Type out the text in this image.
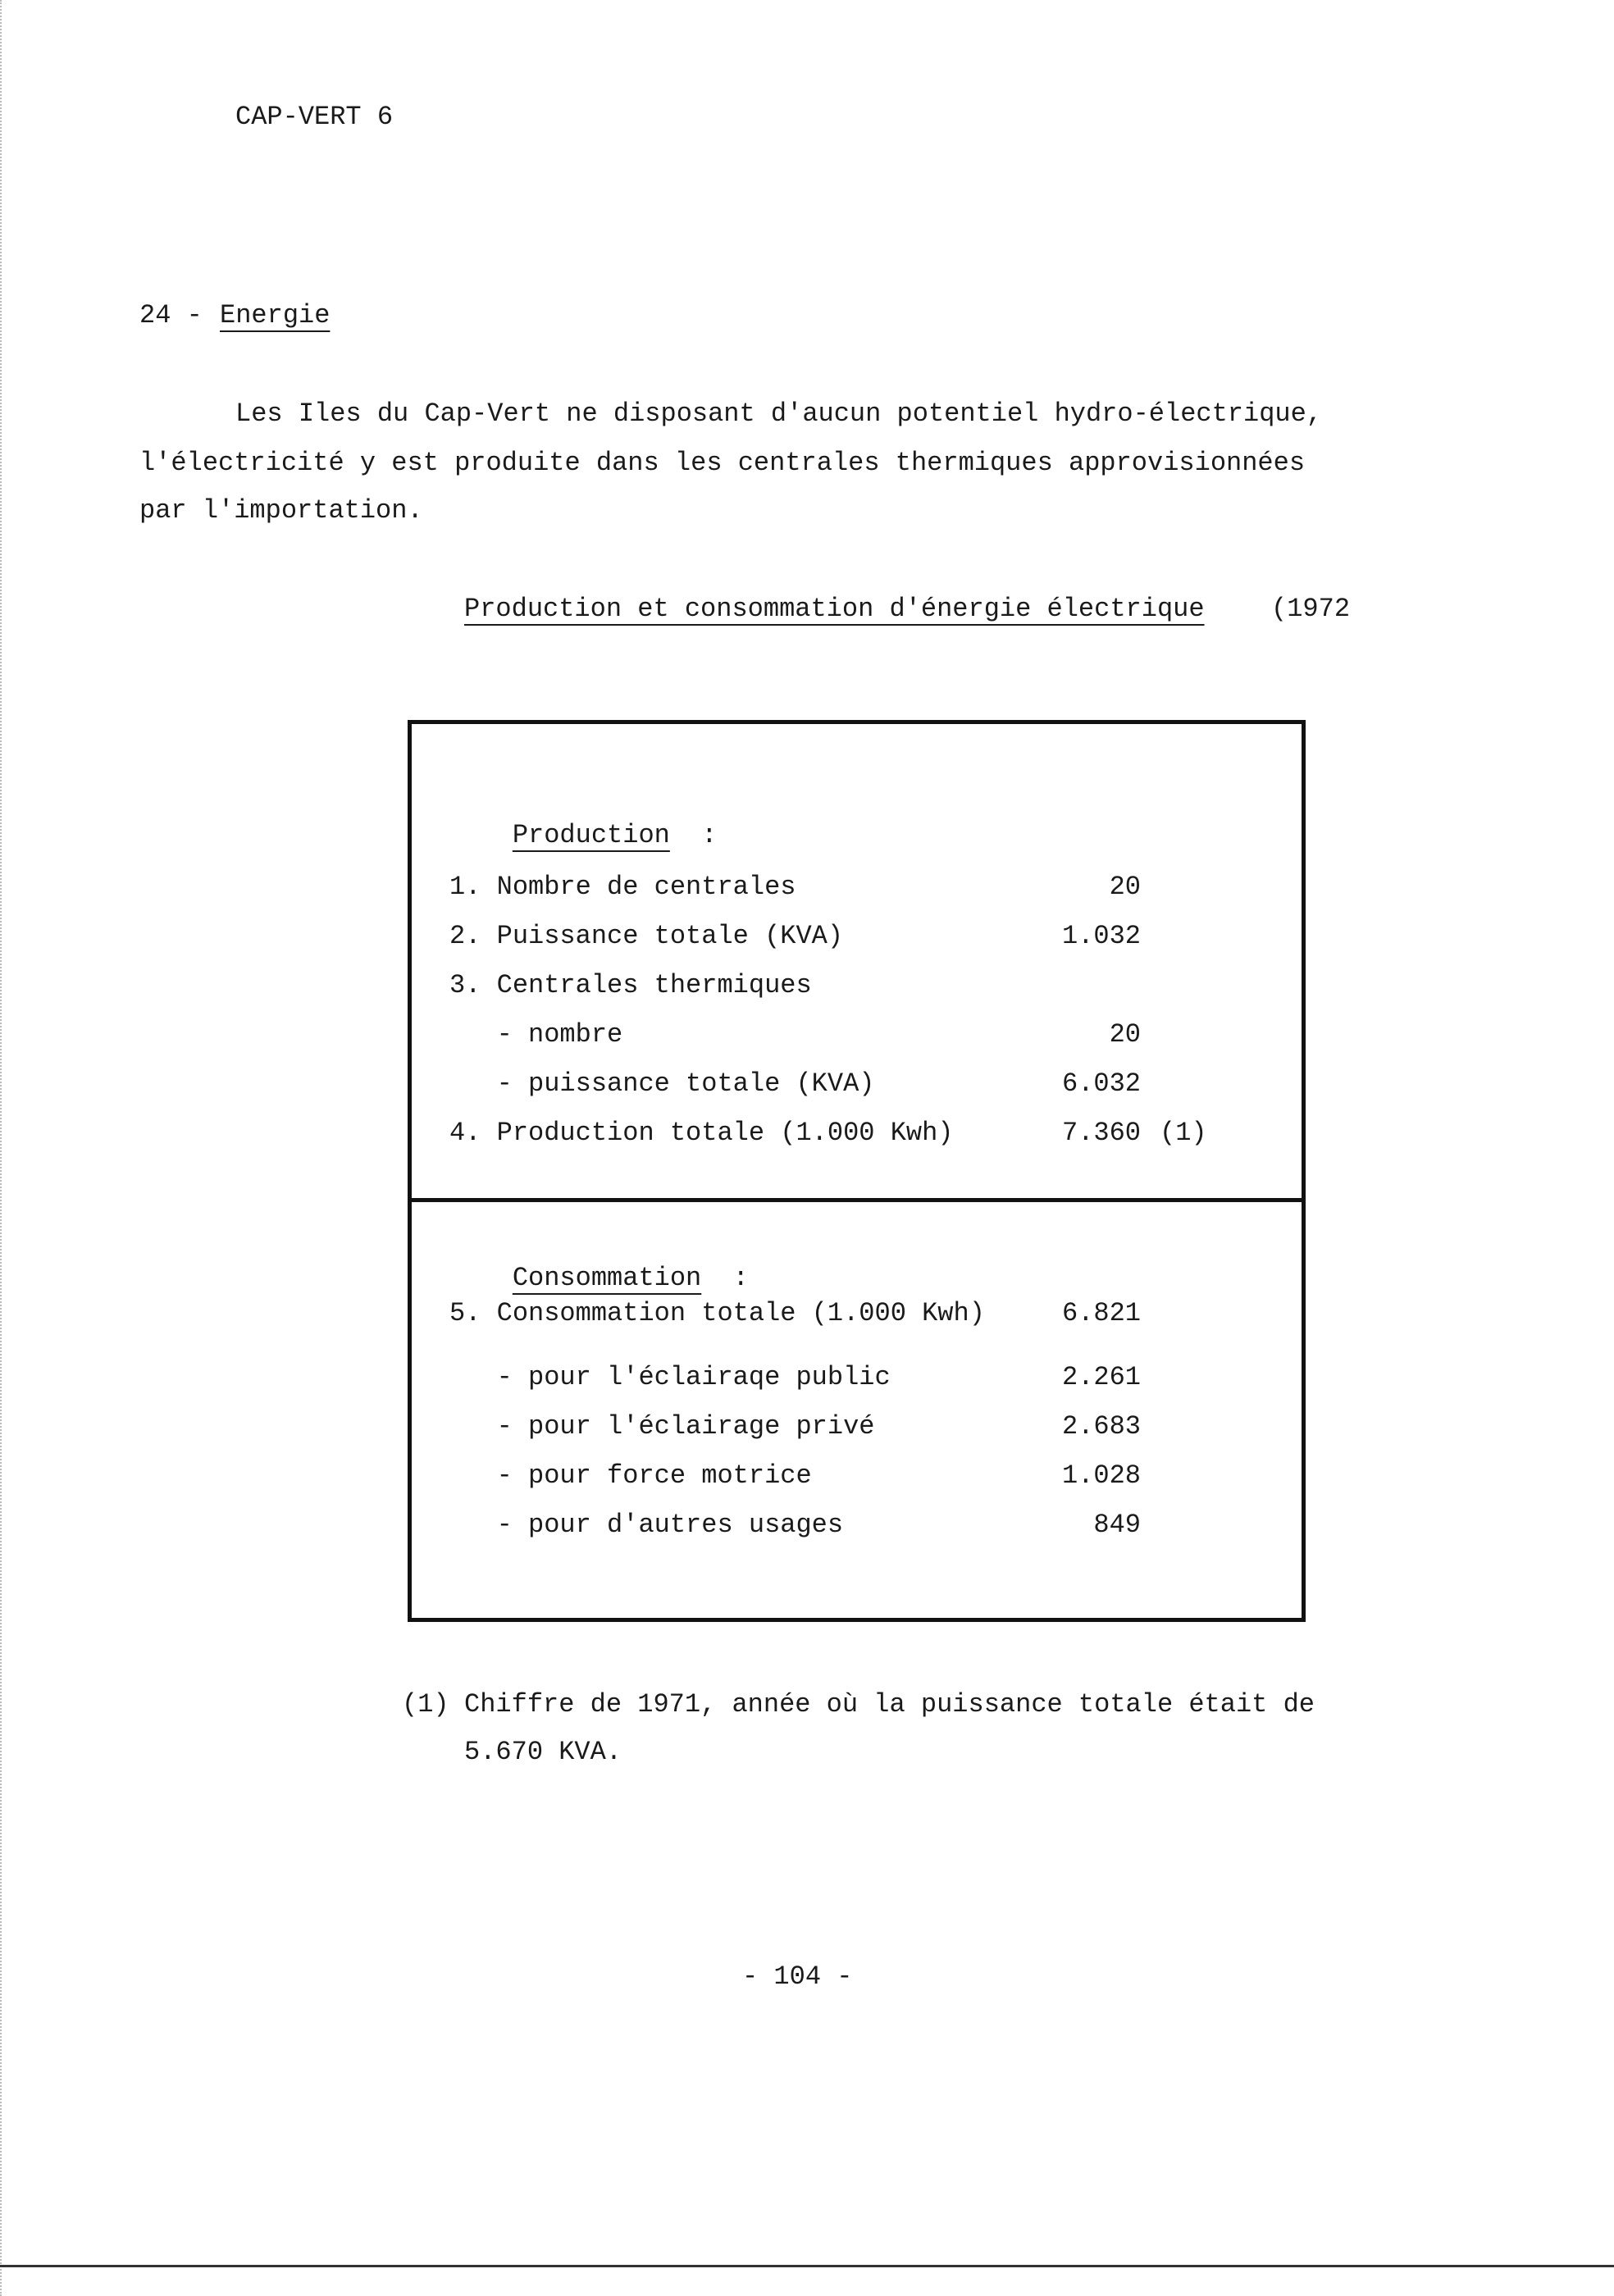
CAP-VERT 6
24 - Energie
Les Iles du Cap-Vert ne disposant d'aucun potentiel hydro-électrique,
l'électricité y est produite dans les centrales thermiques approvisionnées
par l'importation.
Production et consommation d'énergie électrique	(1972

Production :

1. Nombre de centrales	20
2. Puissance totale (KVA)	1.032
3. Centrales thermiques
- nombre	20
- puissance totale (KVA)	6.032
4. Production totale (1.000 Kwh)	7.360 (1)

Consommation :

5. Consommation totale (1.000 Kwh)	6.821
- pour l'éclairaqe public	2.261
- pour l'éclairage privé	2.683
- pour force motrice	1.028
- pour d'autres usages	849
(1) Chiffre de 1971, année où la puissance totale était de
5.670 KVA.
- 104 -
